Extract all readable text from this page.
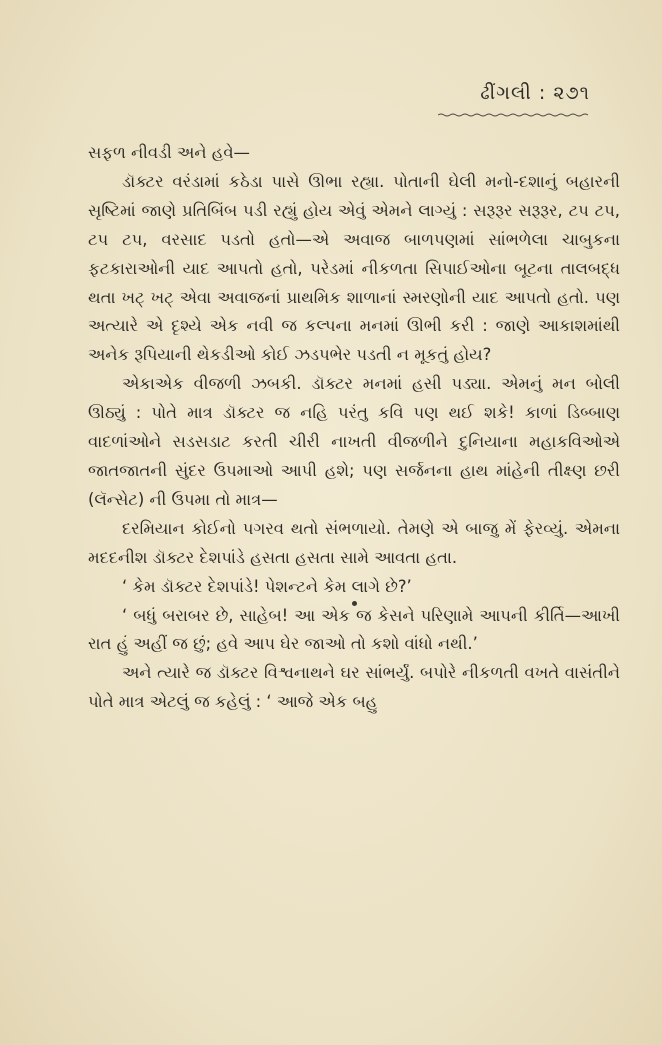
ઢીંગલી : ૨૭૧

સફળ નીવડી અને હવે—

ડૉક્ટર વરંડામાં કઠેડા પાસે ઊભા રહ્યા. પોતાની ઘેલી મનો-દશાનું બહારની સૃષ્ટિમાં જાણે પ્રતિબિંબ પડી રહ્યું હોય એવું એમને લાગ્યું : સરૂરૂર સરૂરૂર, ટપ ટપ, ટપ ટપ, વરસાદ પડતો હતો—એ અવાજ બાળપણમાં સાંભળેલા ચાબુકના ફટકારાઓની યાદ આપતો હતો, પરેડમાં નીકળતા સિપાઈઓના બૂટના તાલબદ્ધ થતા ખટ્ ખટ્ એવા અવાજનાં પ્રાથમિક શાળાનાં સ્મરણોની યાદ આપતો હતો. પણ અત્યારે એ દૃશ્યે એક નવી જ કલ્પના મનમાં ઊભી કરી : જાણે આકાશમાંથી અનેક રૂપિયાની થેકડીઓ કોઈ ઝડપભેર પડતી ન મૂકતું હોય?

એકાએક વીજળી ઝબકી. ડૉક્ટર મનમાં હસી પડ્યા. એમનું મન બોલી ઊઠ્યું : પોતે માત્ર ડૉક્ટર જ નહિ પરંતુ કવિ પણ થઈ શકે! કાળાં ડિબ્બાણ વાદળાંઓને સડસડાટ કરતી ચીરી નાખતી વીજળીને દુનિયાના મહાકવિઓએ જાતજાતની સુંદર ઉપમાઓ આપી હશે; પણ સર્જનના હાથ માંહેની તીક્ષ્ણ છરી (લૅન્સેટ) ની ઉપમા તો માત્ર—

દરમિયાન કોઈનો પગરવ થતો સંભળાયો. તેમણે એ બાજુ મેં ફેરવ્યું. એમના મદદનીશ ડૉક્ટર દેશપાંડે હસતા હસતા સામે આવતા હતા.

‘ કેમ ડૉક્ટર દેશપાંડે! પેશન્ટને કેમ લાગે છે?’

‘ બધું બરાબર છે, સાહેબ! આ એક જ કેસને પરિણામે આપની કીર્તિ—આખી રાત હું અહીં જ છું; હવે આપ ઘેર જાઓ તો કશો વાંધો નથી.’

અને ત્યારે જ ડૉક્ટર વિશ્વનાથને ઘર સાંભર્યું. બપોરે નીકળતી વખતે વાસંતીને પોતે માત્ર એટલું જ કહેલું : ‘ આજે એક બહુ
